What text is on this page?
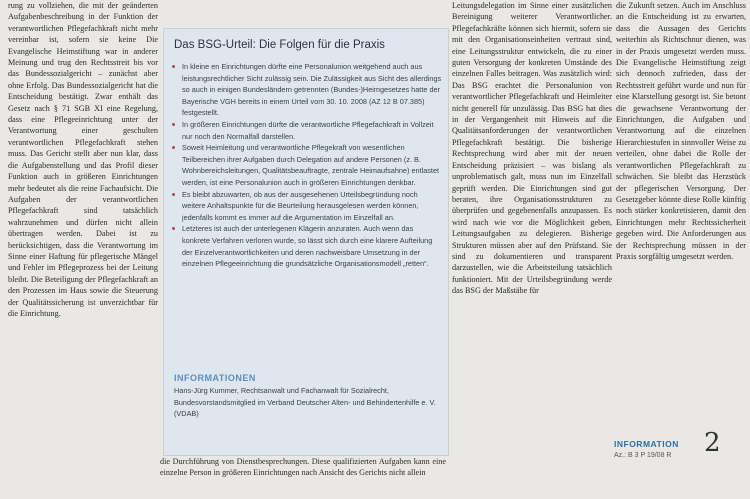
rung zu vollziehen, die mit der geänderten Aufgabenbeschreibung in der Funktion der verantwortlichen Pflegefachkraft nicht mehr vereinbar ist, sofern sie keine Die Evangelische Heimstiftung war in anderer Meinung und trug den Rechtsstreit bis vor das Bundessozialgericht – zunächst aber ohne Erfolg. Das Bundessozialgericht hat die Entscheidung bestätigt. Zwar enthält das Gesetz nach § 71 SGB XI eine Regelung, dass eine Pflegeeinrichtung unter der Verantwortung einer geschulten verantwortlichen Pflegefachkraft stehen muss. Das Gericht stellt aber nun klar, dass die Aufgabenstellung und das Profil dieser Funktion auch in größeren Einrichtungen mehr bedeutet als die reine Fachaufsicht. Die Aufgaben der verantwortlichen Pflegefachkraft sind tatsächlich wahrzunehmen und dürfen nicht allein übertragen werden. Dabei ist zu berücksichtigen, dass die Verantwortung im Sinne einer Haftung für pflegerische Mängel und Fehler im Pflegeprozess bei der Leitung bleibt. Die Beteiligung der Pflegefachkraft an den Prozessen im Haus sowie die Steuerung der Qualitätssicherung ist unverzichtbar für die Einrichtung.

die Durchführung von Dienstbesprechungen. Diese qualifizierten Aufgaben kann eine einzelne Person in größeren Einrichtungen nach Ansicht des Gerichts nicht allein

Das BSG-Urteil: Die Folgen für die Praxis
In kleine en Einrichtungen dürfte eine Personalunion weitgehend auch aus leistungsrechtlicher Sicht zulässig sein. Die Zulässigkeit aus Sicht des allerdings so auch in einigen Bundesländern getrennten (Bundes-)Heimgesetzes hatte der Bayerische VGH bereits in einem Urteil vom 30. 10. 2008 (AZ 12 B 07.385) festgestellt.
In größeren Einrichtungen dürfte die verantwortliche Pflegefachkraft in Vollzeit nur noch den Normalfall darstellen.
Soweit Heimleitung und verantwortliche Pflegekraft von wesentlichen Teilbereichen ihrer Aufgaben durch Delegation auf andere Personen (z. B. Wohnbereichsleitungen, Qualitätsbeauftragte, zentrale Heimaufsahne) entlastet werden, ist eine Personalunion auch in größeren Einrichtungen denkbar.
Es bleibt abzuwarten, ob aus der ausgesehenen Urteilsbegründung noch weitere Anhaltspunkte für die Beurteilung herausgelesen werden können, jedenfalls kommt es immer auf die Argumentation im Einzelfall an.
Letzteres ist auch der unterlegenen Klägerin anzuraten. Auch wenn das konkrete Verfahren verloren wurde, so lässt sich durch eine klarere Aufteilung der Einzelverantwortlichkeiten und deren nachweisbare Umsetzung in der einzelnen Pflegeeinrichtung die grundsätzliche Organisationsmodell „retten“.
INFORMATIONEN
Hans-Jürg Kummer, Rechtsanwalt und Fachanwalt für Sozialrecht, Bundesvorstandsmitglied im Verband Deutscher Alten- und Behindertenhilfe e. V. (VDAB)

Leitungsdelegation im Sinne einer zusätzlichen Bereinigung weiterer Verantwortlicher. Pflegefachkräfte können sich hiermit, sofern sie mit den Organisationseinheiten vertraut sind, eine Leitungsstruktur entwickeln, die zu einer guten Versorgung der konkreten Umstände des einzelnen Falles beitragen. Was zusätzlich wird: Das BSG erachtet die Personalunion von verantwortlicher Pflegefachkraft und Heimleiter nicht generell für unzulässig. Das BSG hat dies in der Vergangenheit mit Hinweis auf die Qualitätsanforderungen der verantwortlichen Pflegefachkraft bestätigt. Die bisherige Rechtsprechung wird aber mit der neuen Entscheidung präzisiert – was bislang als unproblematisch galt, muss nun im Einzelfall geprüft werden. Die Einrichtungen sind gut beraten, ihre Organisationsstrukturen zu überprüfen und gegebenenfalls anzupassen. Es wird nach wie vor die Möglichkeit geben, Leitungsaufgaben zu delegieren. Bisherige Strukturen müssen aber auf den Prüfstand. Sie sind zu dokumentieren und transparent darzustellen, wie die Arbeitsteilung tatsächlich funktioniert. Mit der Urteilsbegründung werde das BSG der Maßstäbe für

die Zukunft setzen. Auch im Anschluss an die Entscheidung ist zu erwarten, dass die Aussagen des Gerichts weiterhin als Richtschnur dienen, was in der Praxis umgesetzt werden muss. Die Evangelische Heimstiftung zeigt sich dennoch zufrieden, dass der Rechtsstreit geführt wurde und nun für eine Klarstellung gesorgt ist. Sie betont die gewachsene Verantwortung der Einrichtungen, die Aufgaben und Verantwortung auf die einzelnen Hierarchiestufen in sinnvoller Weise zu verteilen, ohne dabei die Rolle der verantwortlichen Pflegefachkraft zu schwächen. Sie bleibt das Herzstück der pflegerischen Versorgung. Der Gesetzgeber könnte diese Rolle künftig noch stärker konkretisieren, damit den Einrichtungen mehr Rechtssicherheit gegeben wird. Die Anforderungen aus der Rechtsprechung müssen in der Praxis sorgfältig umgesetzt werden.

INFORMATION
Az.: B 3 P 19/08 R 2
